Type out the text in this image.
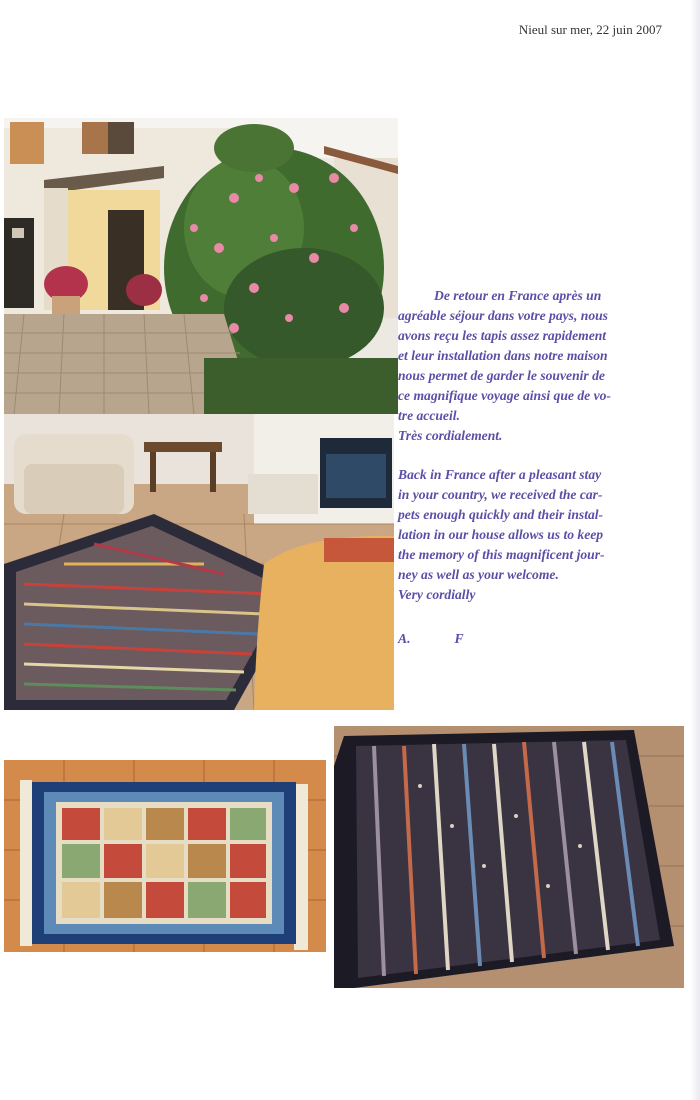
Nieul sur mer, 22 juin 2007

De retour en France après un

agréable séjour dans votre pays, nous

avons reçu les tapis assez rapidement

et leur installation dans notre maison

nous permet de garder le souvenir de

ce magnifique voyage ainsi que de vo-

tre accueil.

Très cordialement.

Back in France after a pleasant stay

in your country, we received the car-

pets enough quickly and their instal-

lation in our house allows us to keep

the memory of this magnificent jour-

ney as well as your welcome.

Very cordially

A.	F
